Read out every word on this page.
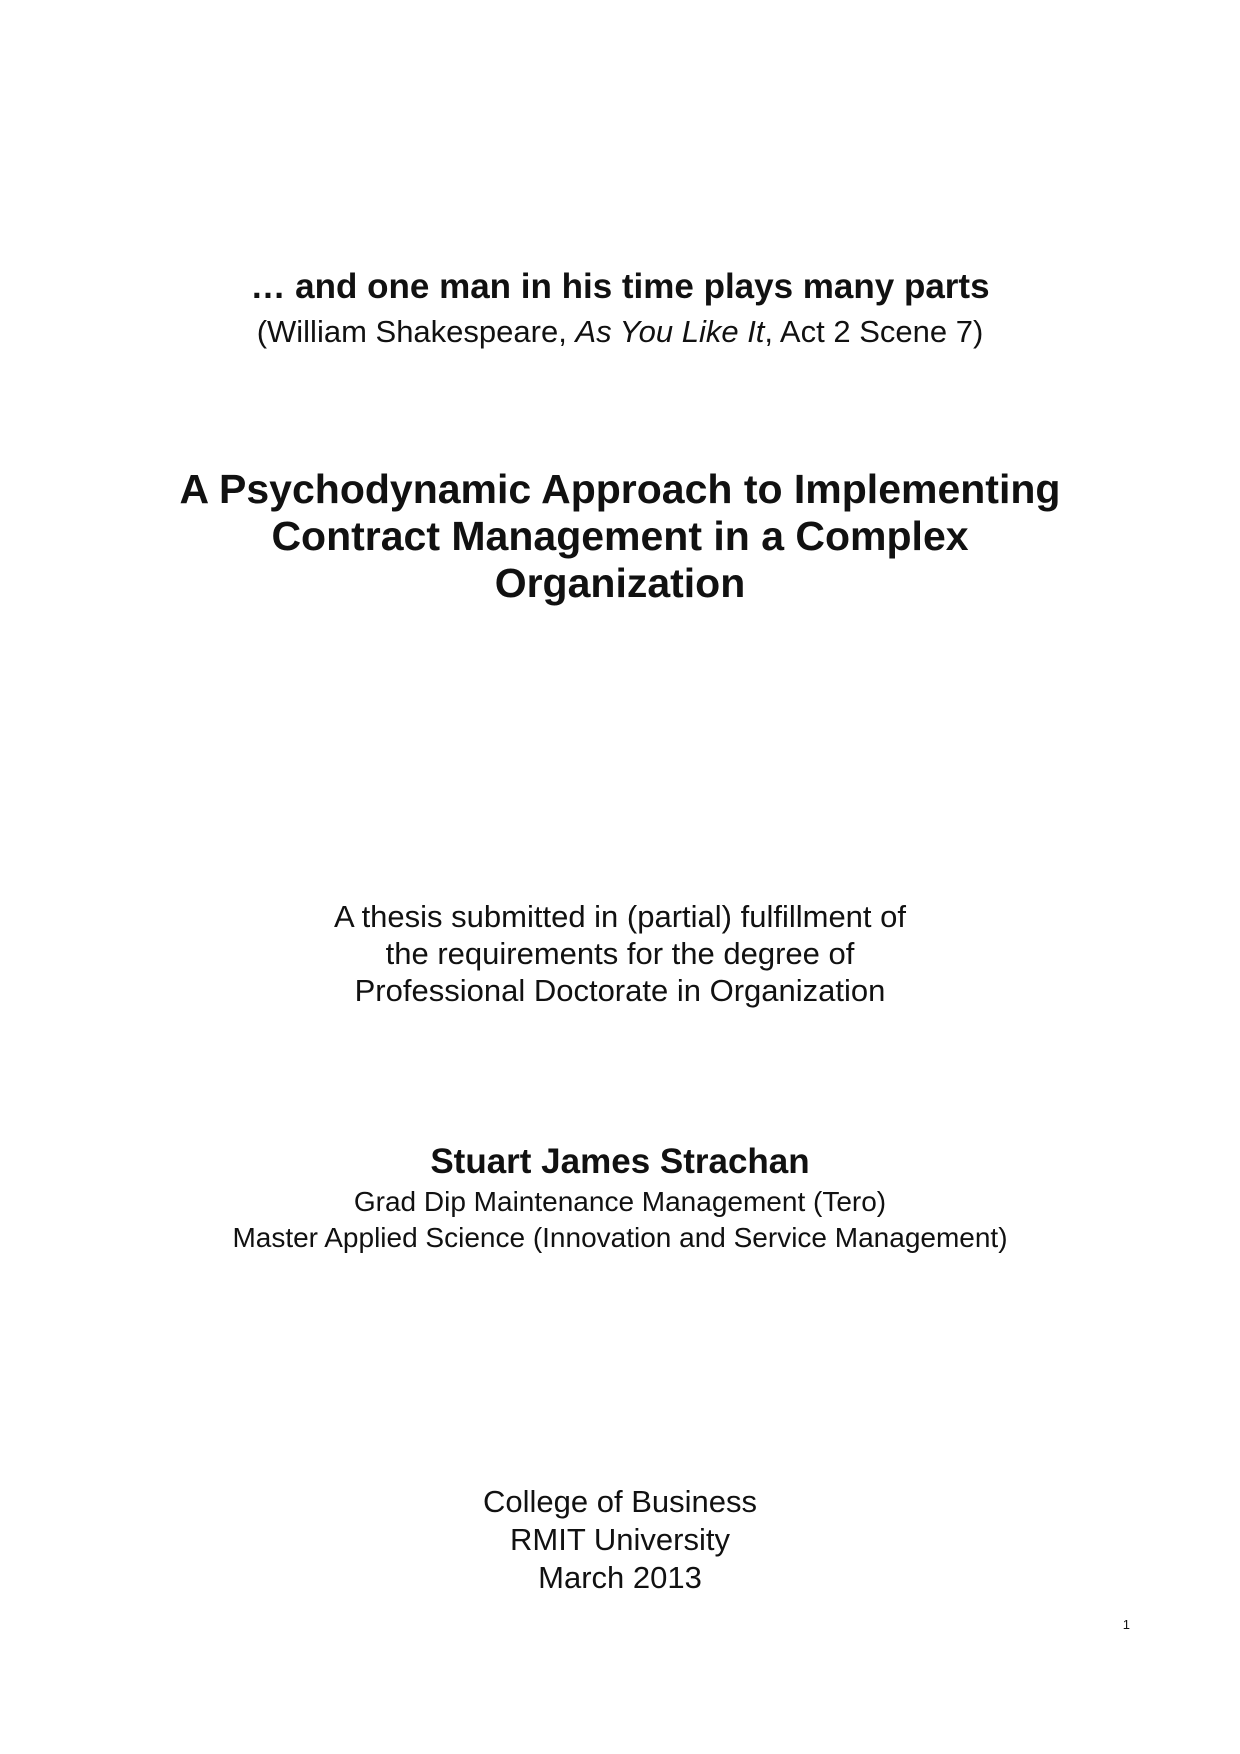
… and one man in his time plays many parts
(William Shakespeare, As You Like It, Act 2 Scene 7)
A Psychodynamic Approach to Implementing
Contract Management in a Complex
Organization
A thesis submitted in (partial) fulfillment of
the requirements for the degree of
Professional Doctorate in Organization
Stuart James Strachan
Grad Dip Maintenance Management (Tero)
Master Applied Science (Innovation and Service Management)
College of Business
RMIT University
March 2013
1
